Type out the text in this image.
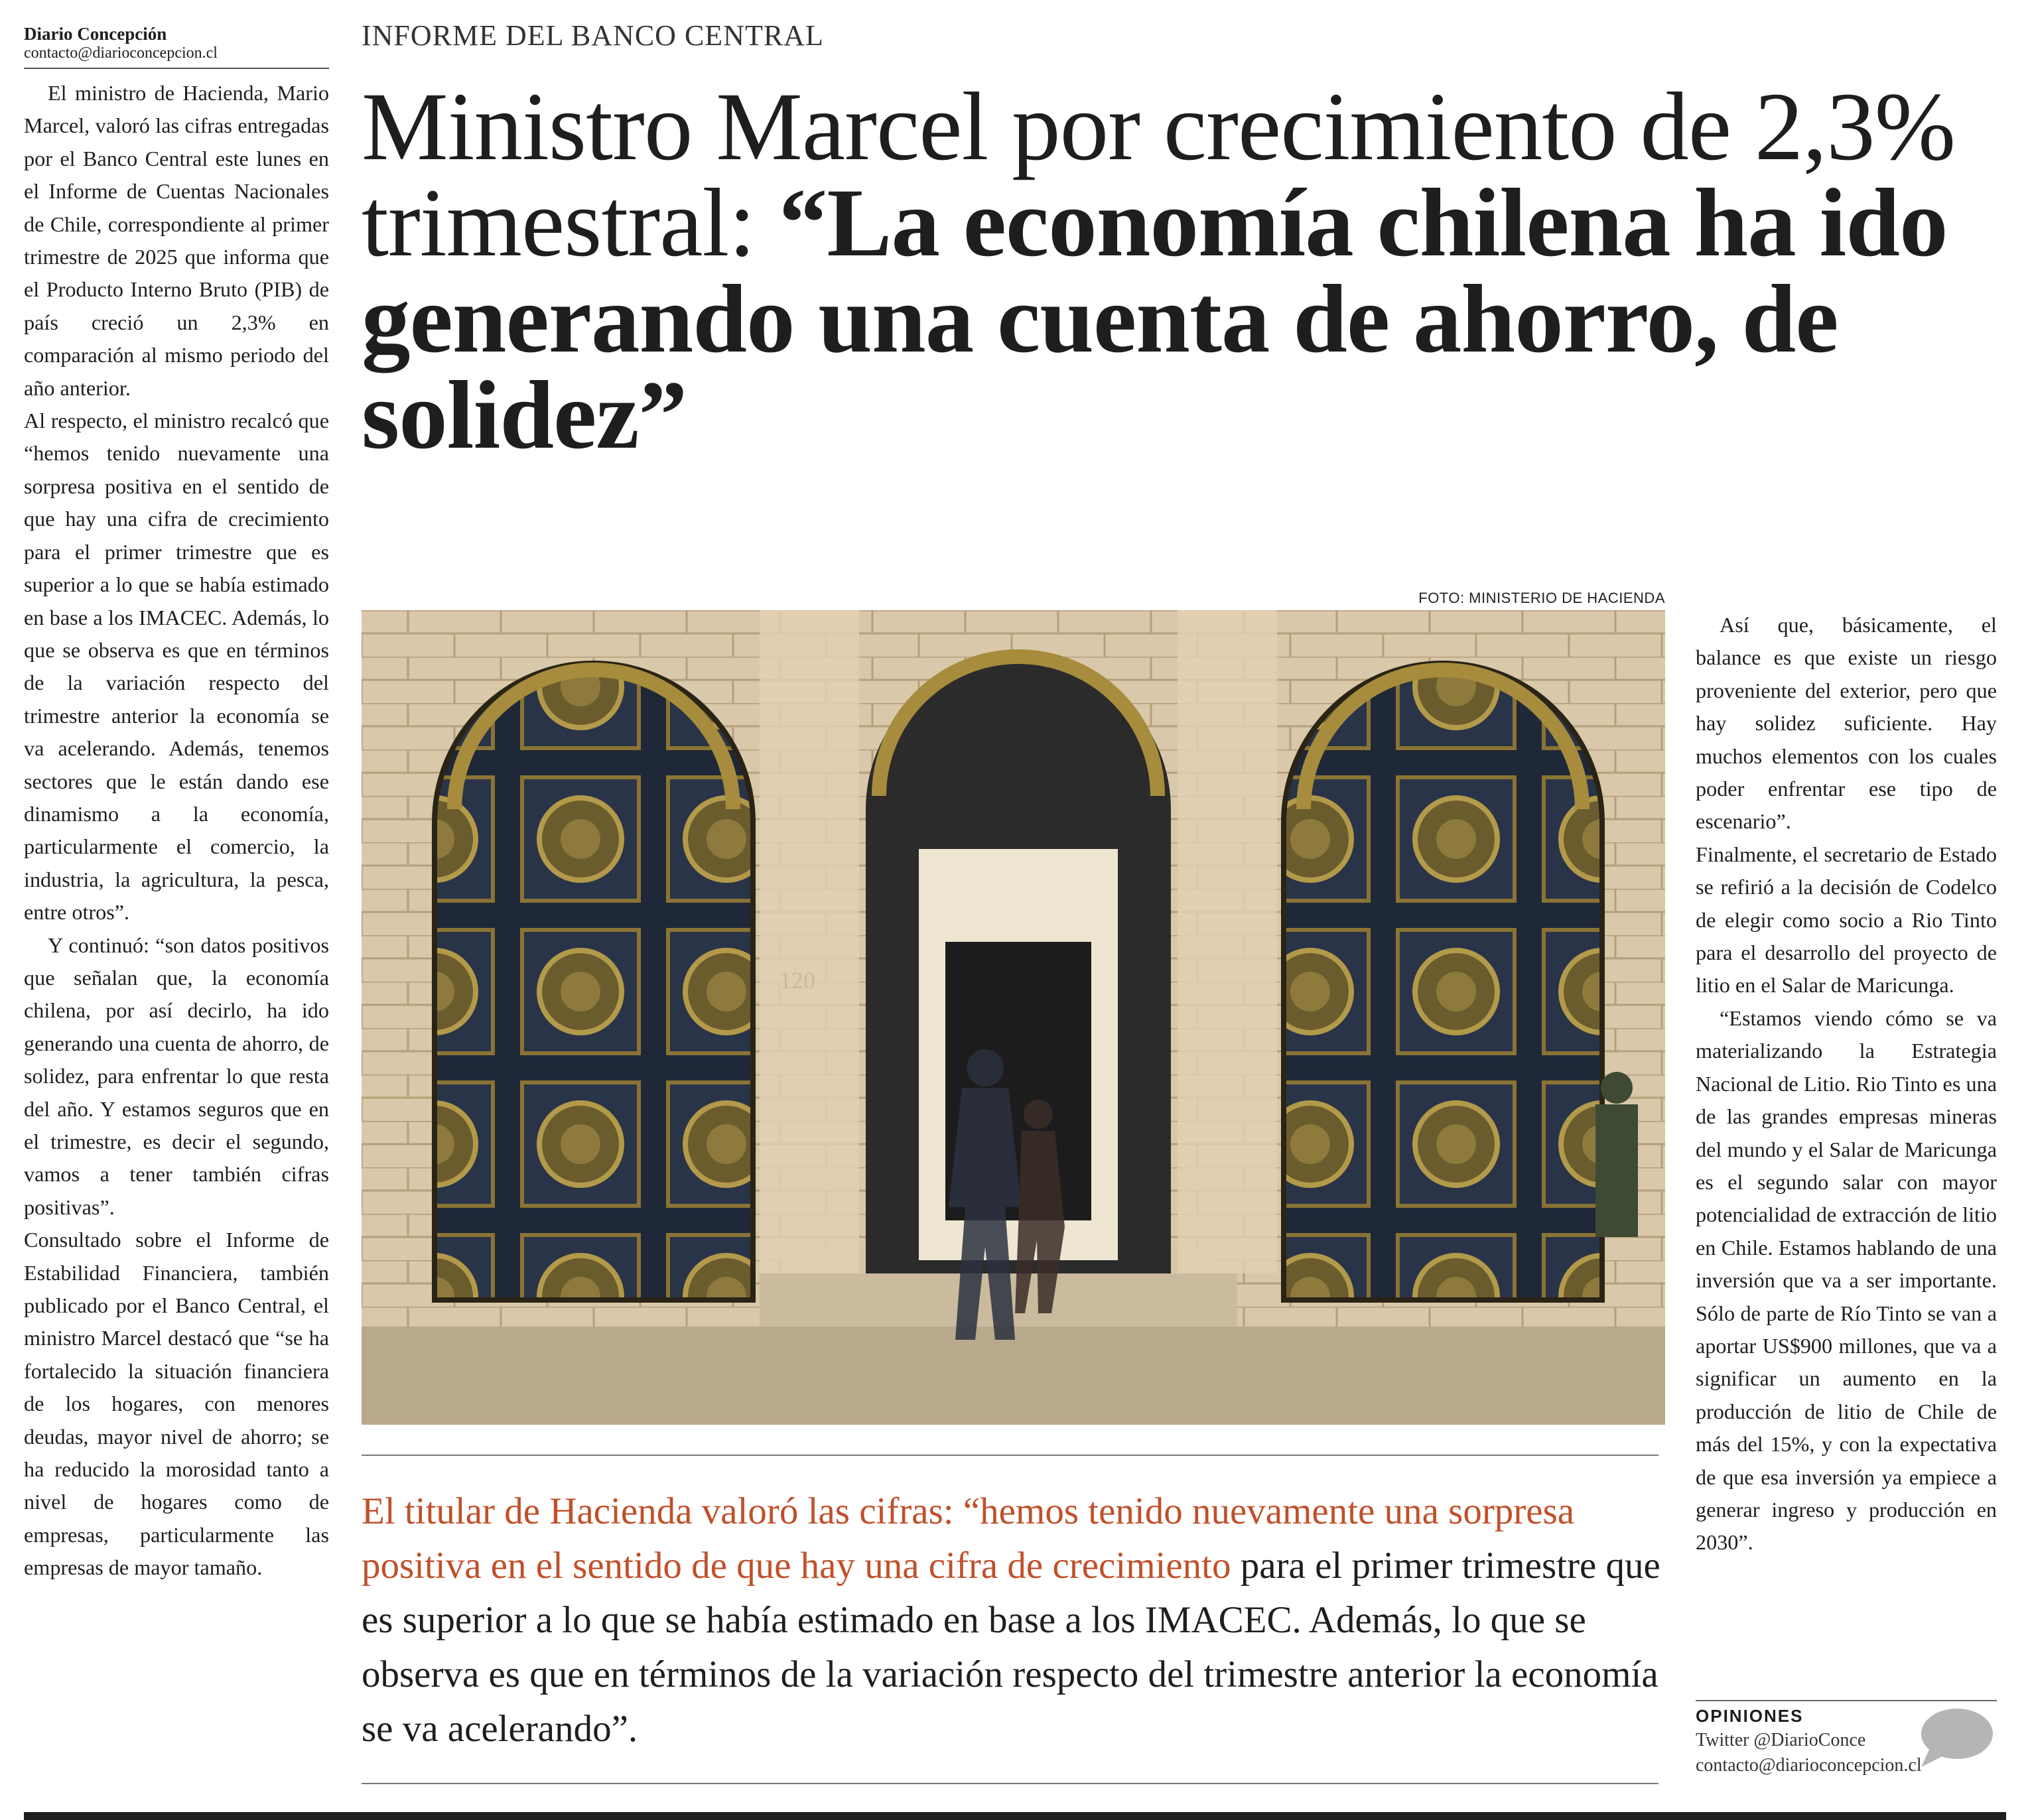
Diario Concepción
contacto@diarioconcepcion.cl

El ministro de Hacienda, Mario Marcel, valoró las cifras entregadas por el Banco Central este lunes en el Informe de Cuentas Nacionales de Chile, correspondiente al primer trimestre de 2025 que informa que el Producto Interno Bruto (PIB) de país creció un 2,3% en comparación al mismo periodo del año anterior.

Al respecto, el ministro recalcó que “hemos tenido nuevamente una sorpresa positiva en el sentido de que hay una cifra de crecimiento para el primer trimestre que es superior a lo que se había estimado en base a los IMACEC. Además, lo que se observa es que en términos de la variación respecto del trimestre anterior la economía se va acelerando. Además, tenemos sectores que le están dando ese dinamismo a la economía, particularmente el comercio, la industria, la agricultura, la pesca, entre otros”.

Y continuó: “son datos positivos que señalan que, la economía chilena, por así decirlo, ha ido generando una cuenta de ahorro, de solidez, para enfrentar lo que resta del año. Y estamos seguros que en el trimestre, es decir el segundo, vamos a tener también cifras positivas”.

Consultado sobre el Informe de Estabilidad Financiera, también publicado por el Banco Central, el ministro Marcel destacó que “se ha fortalecido la situación financiera de los hogares, con menores deudas, mayor nivel de ahorro; se ha reducido la morosidad tanto a nivel de hogares como de empresas, particularmente las empresas de mayor tamaño.

INFORME DEL BANCO CENTRAL
Ministro Marcel por crecimiento de 2,3% trimestral: “La economía chilena ha ido generando una cuenta de ahorro, de solidez”
FOTO: MINISTERIO DE HACIENDA

Así que, básicamente, el balance es que existe un riesgo proveniente del exterior, pero que hay solidez suficiente. Hay muchos elementos con los cuales poder enfrentar ese tipo de escenario”.

Finalmente, el secretario de Estado se refirió a la decisión de Codelco de elegir como socio a Rio Tinto para el desarrollo del proyecto de litio en el Salar de Maricunga.

“Estamos viendo cómo se va materializando la Estrategia Nacional de Litio. Rio Tinto es una de las grandes empresas mineras del mundo y el Salar de Maricunga es el segundo salar con mayor potencialidad de extracción de litio en Chile. Estamos hablando de una inversión que va a ser importante. Sólo de parte de Río Tinto se van a aportar US$900 millones, que va a significar un aumento en la producción de litio de Chile de más del 15%, y con la expectativa de que esa inversión ya empiece a generar ingreso y producción en 2030”.

El titular de Hacienda valoró las cifras: “hemos tenido nuevamente una sorpresa positiva en el sentido de que hay una cifra de crecimiento para el primer trimestre que es superior a lo que se había estimado en base a los IMACEC. Además, lo que se observa es que en términos de la variación respecto del trimestre anterior la economía se va acelerando”.	OPINIONES
Twitter @DiarioConce
contacto@diarioconcepcion.cl
